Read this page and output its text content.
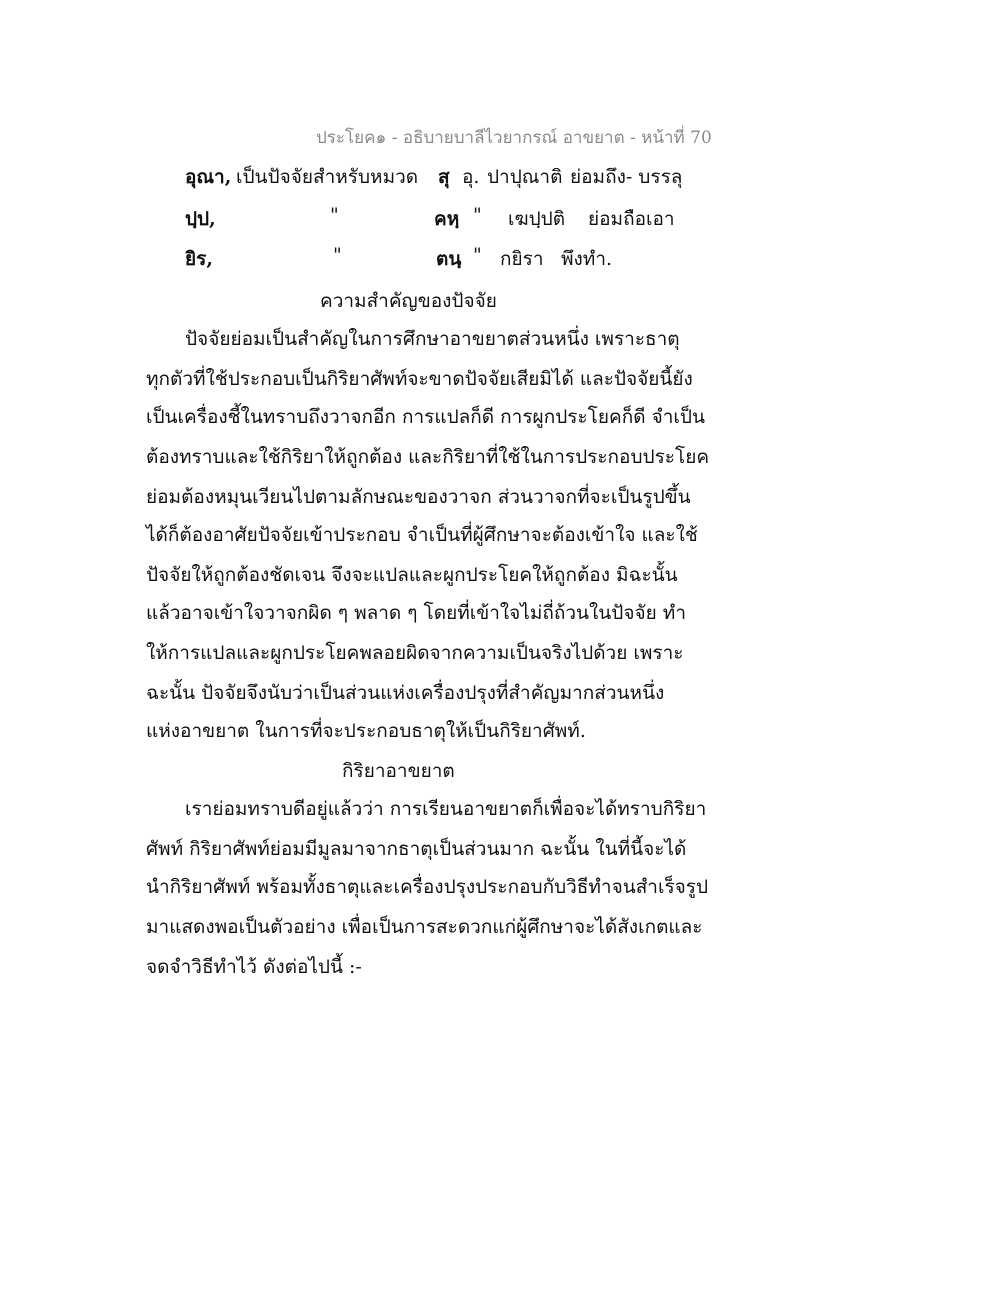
ประโยค๑ - อธิบายบาลีไวยากรณ์ อาขยาต - หน้าที่ 70
อุณา, เป็นปัจจัยสำหรับหมวด สุ อุ. ปาปุณาติ ย่อมถึง- บรรลุ
ปฺป,	"	คหฺ " เฆปฺปติ ย่อมถือเอา
ยิร,	"	ตนฺ " กยิรา พึงทำ.
ความสำคัญของปัจจัย
ปัจจัยย่อมเป็นสำคัญในการศึกษาอาขยาตส่วนหนึ่ง เพราะธาตุ
ทุกตัวที่ใช้ประกอบเป็นกิริยาศัพท์จะขาดปัจจัยเสียมิได้ และปัจจัยนี้ยัง
เป็นเครื่องชี้ในทราบถึงวาจกอีก การแปลก็ดี การผูกประโยคก็ดี จำเป็น
ต้องทราบและใช้กิริยาให้ถูกต้อง และกิริยาที่ใช้ในการประกอบประโยค
ย่อมต้องหมุนเวียนไปตามลักษณะของวาจก ส่วนวาจกที่จะเป็นรูปขึ้น
ได้ก็ต้องอาศัยปัจจัยเข้าประกอบ จำเป็นที่ผู้ศึกษาจะต้องเข้าใจ และใช้
ปัจจัยให้ถูกต้องชัดเจน จึงจะแปลและผูกประโยคให้ถูกต้อง มิฉะนั้น
แล้วอาจเข้าใจวาจกผิด ๆ พลาด ๆ โดยที่เข้าใจไม่ถี่ถ้วนในปัจจัย ทำ
ให้การแปลและผูกประโยคพลอยผิดจากความเป็นจริงไปด้วย เพราะ
ฉะนั้น ปัจจัยจึงนับว่าเป็นส่วนแห่งเครื่องปรุงที่สำคัญมากส่วนหนึ่ง
แห่งอาขยาต ในการที่จะประกอบธาตุให้เป็นกิริยาศัพท์.
กิริยาอาขยาต
เราย่อมทราบดีอยู่แล้วว่า การเรียนอาขยาตก็เพื่อจะได้ทราบกิริยา
ศัพท์ กิริยาศัพท์ย่อมมีมูลมาจากธาตุเป็นส่วนมาก ฉะนั้น ในที่นี้จะได้
นำกิริยาศัพท์ พร้อมทั้งธาตุและเครื่องปรุงประกอบกับวิธีทำจนสำเร็จรูป
มาแสดงพอเป็นตัวอย่าง เพื่อเป็นการสะดวกแก่ผู้ศึกษาจะได้สังเกตและ
จดจำวิธีทำไว้ ดังต่อไปนี้ :-
